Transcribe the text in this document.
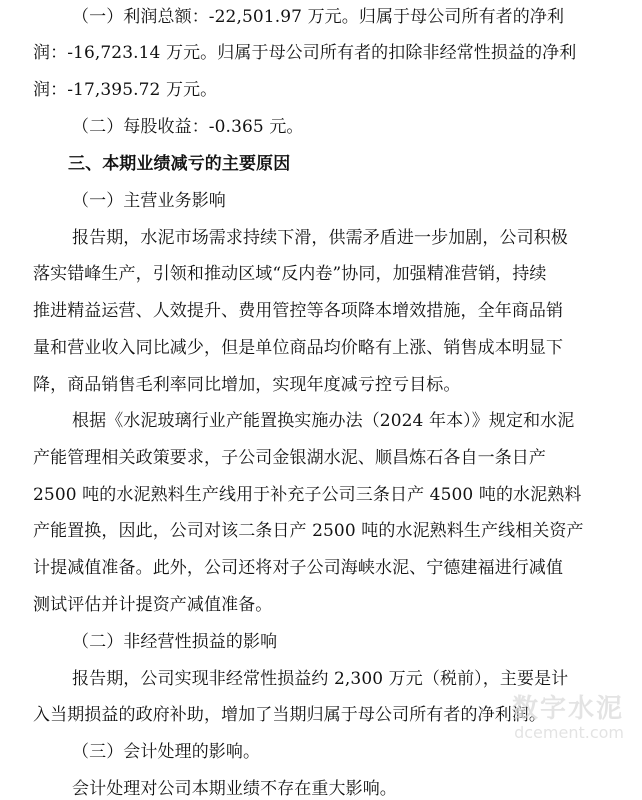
（一）利润总额：-22,501.97 万元。归属于母公司所有者的净利
润：-16,723.14 万元。归属于母公司所有者的扣除非经常性损益的净利
润：-17,395.72 万元。
（二）每股收益：-0.365 元。
三、本期业绩减亏的主要原因
（一）主营业务影响
报告期，水泥市场需求持续下滑，供需矛盾进一步加剧，公司积极
落实错峰生产，引领和推动区域“反内卷”协同，加强精准营销，持续
推进精益运营、人效提升、费用管控等各项降本增效措施，全年商品销
量和营业收入同比减少，但是单位商品均价略有上涨、销售成本明显下
降，商品销售毛利率同比增加，实现年度减亏控亏目标。
根据《水泥玻璃行业产能置换实施办法（2024 年本）》规定和水泥
产能管理相关政策要求，子公司金银湖水泥、顺昌炼石各自一条日产
2500 吨的水泥熟料生产线用于补充子公司三条日产 4500 吨的水泥熟料
产能置换，因此，公司对该二条日产 2500 吨的水泥熟料生产线相关资产
计提减值准备。此外，公司还将对子公司海峡水泥、宁德建福进行减值
测试评估并计提资产减值准备。
（二）非经营性损益的影响
报告期，公司实现非经常性损益约 2,300 万元（税前），主要是计
入当期损益的政府补助，增加了当期归属于母公司所有者的净利润。
（三）会计处理的影响。
会计处理对公司本期业绩不存在重大影响。
数字水泥
dcement.com
